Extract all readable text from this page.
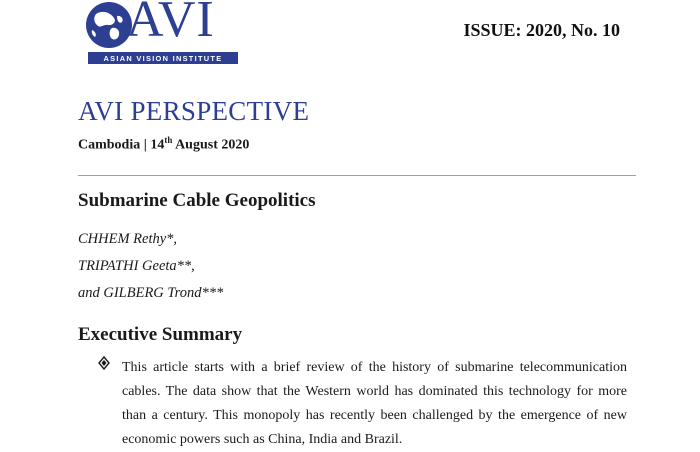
AVI
ASIAN VISION INSTITUTE
ISSUE: 2020, No. 10
AVI PERSPECTIVE
Cambodia | 14th August 2020
Submarine Cable Geopolitics
CHHEM Rethy*,
TRIPATHI Geeta**,
and GILBERG Trond***
Executive Summary
This article starts with a brief review of the history of submarine telecommunication cables. The data show that the Western world has dominated this technology for more than a century. This monopoly has recently been challenged by the emergence of new economic powers such as China, India and Brazil.
